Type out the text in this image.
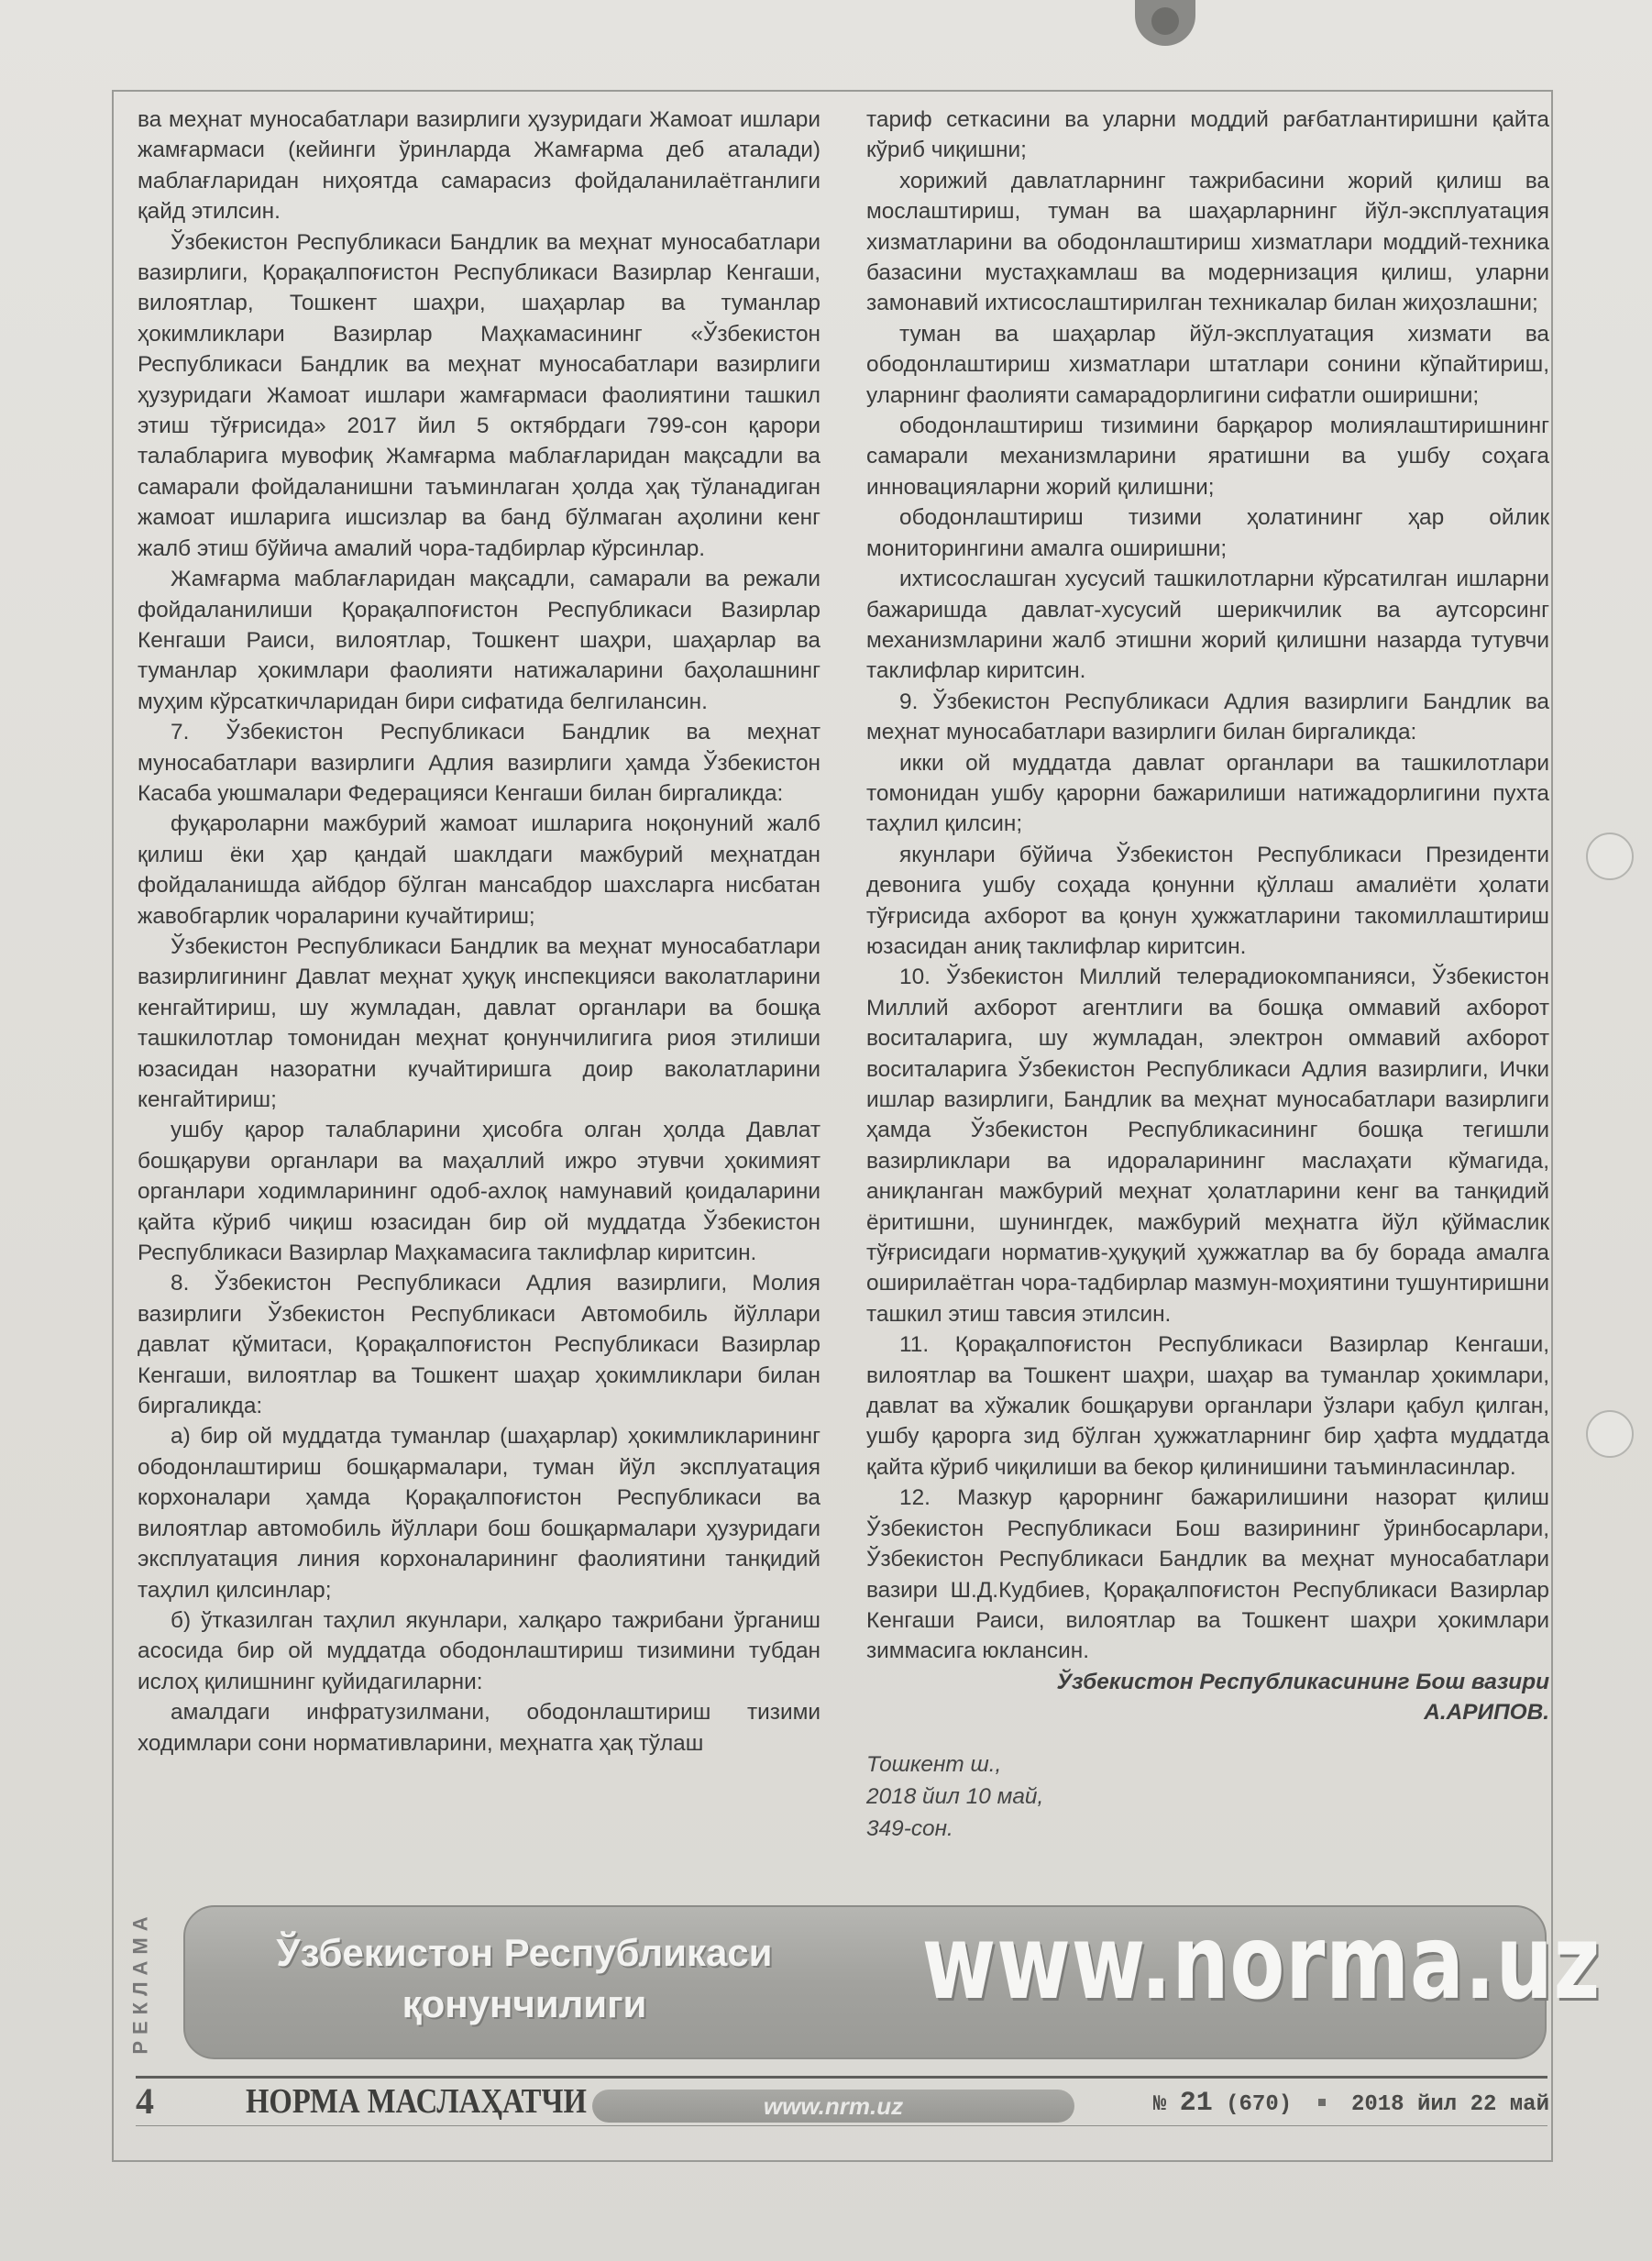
ва меҳнат муносабатлари вазирлиги ҳузуридаги Жамоат ишлари жамғармаси (кейинги ўринларда Жамғарма деб аталади) маблағларидан ниҳоятда самарасиз фойдаланилаётганлиги қайд этилсин.

Ўзбекистон Республикаси Бандлик ва меҳнат муносабатлари вазирлиги, Қорақалпоғистон Республикаси Вазирлар Кенгаши, вилоятлар, Тошкент шаҳри, шаҳарлар ва туманлар ҳокимликлари Вазирлар Маҳкамасининг «Ўзбекистон Республикаси Бандлик ва меҳнат муносабатлари вазирлиги ҳузуридаги Жамоат ишлари жамғармаси фаолиятини ташкил этиш тўғрисида» 2017 йил 5 октябрдаги 799-сон қарори талабларига мувофиқ Жамғарма маблағларидан мақсадли ва самарали фойдаланишни таъминлаган ҳолда ҳақ тўланадиган жамоат ишларига ишсизлар ва банд бўлмаган аҳолини кенг жалб этиш бўйича амалий чора-тадбирлар кўрсинлар.

Жамғарма маблағларидан мақсадли, самарали ва режали фойдаланилиши Қорақалпоғистон Республикаси Вазирлар Кенгаши Раиси, вилоятлар, Тошкент шаҳри, шаҳарлар ва туманлар ҳокимлари фаолияти натижаларини баҳолашнинг муҳим кўрсаткичларидан бири сифатида белгилансин.

7. Ўзбекистон Республикаси Бандлик ва меҳнат муносабатлари вазирлиги Адлия вазирлиги ҳамда Ўзбекистон Касаба уюшмалари Федерацияси Кенгаши билан биргаликда:

фуқароларни мажбурий жамоат ишларига ноқонуний жалб қилиш ёки ҳар қандай шаклдаги мажбурий меҳнатдан фойдаланишда айбдор бўлган мансабдор шахсларга нисбатан жавобгарлик чораларини кучайтириш;

Ўзбекистон Республикаси Бандлик ва меҳнат муносабатлари вазирлигининг Давлат меҳнат ҳуқуқ инспекцияси ваколатларини кенгайтириш, шу жумладан, давлат органлари ва бошқа ташкилотлар томонидан меҳнат қонунчилигига риоя этилиши юзасидан назоратни кучайтиришга доир ваколатларини кенгайтириш;

ушбу қарор талабларини ҳисобга олган ҳолда Давлат бошқаруви органлари ва маҳаллий ижро этувчи ҳокимият органлари ходимларининг одоб-ахлоқ намунавий қоидаларини қайта кўриб чиқиш юзасидан бир ой муддатда Ўзбекистон Республикаси Вазирлар Маҳкамасига таклифлар киритсин.

8. Ўзбекистон Республикаси Адлия вазирлиги, Молия вазирлиги Ўзбекистон Республикаси Автомобиль йўллари давлат қўмитаси, Қорақалпоғистон Республикаси Вазирлар Кенгаши, вилоятлар ва Тошкент шаҳар ҳокимликлари билан биргаликда:

а) бир ой муддатда туманлар (шаҳарлар) ҳокимликларининг ободонлаштириш бошқармалари, туман йўл эксплуатация корхоналари ҳамда Қорақалпоғистон Республикаси ва вилоятлар автомобиль йўллари бош бошқармалари ҳузуридаги эксплуатация линия корхоналарининг фаолиятини танқидий таҳлил қилсинлар;

б) ўтказилган таҳлил якунлари, халқаро тажрибани ўрганиш асосида бир ой муддатда ободонлаштириш тизимини тубдан ислоҳ қилишнинг қуйидагиларни:

амалдаги инфратузилмани, ободонлаштириш тизими ходимлари сони нормативларини, меҳнатга ҳақ тўлаш

тариф сеткасини ва уларни моддий рағбатлантиришни қайта кўриб чиқишни;

хорижий давлатларнинг тажрибасини жорий қилиш ва мослаштириш, туман ва шаҳарларнинг йўл-эксплуатация хизматларини ва ободонлаштириш хизматлари моддий-техника базасини мустаҳкамлаш ва модернизация қилиш, уларни замонавий ихтисослаштирилган техникалар билан жиҳозлашни;

туман ва шаҳарлар йўл-эксплуатация хизмати ва ободонлаштириш хизматлари штатлари сонини кўпайтириш, уларнинг фаолияти самарадорлигини сифатли оширишни;

ободонлаштириш тизимини барқарор молиялаштиришнинг самарали механизмларини яратишни ва ушбу соҳага инновацияларни жорий қилишни;

ободонлаштириш тизими ҳолатининг ҳар ойлик мониторингини амалга оширишни;

ихтисослашган хусусий ташкилотларни кўрсатилган ишларни бажаришда давлат-хусусий шерикчилик ва аутсорсинг механизмларини жалб этишни жорий қилишни назарда тутувчи таклифлар киритсин.

9. Ўзбекистон Республикаси Адлия вазирлиги Бандлик ва меҳнат муносабатлари вазирлиги билан биргаликда:

икки ой муддатда давлат органлари ва ташкилотлари томонидан ушбу қарорни бажарилиши натижадорлигини пухта таҳлил қилсин;

якунлари бўйича Ўзбекистон Республикаси Президенти девонига ушбу соҳада қонунни қўллаш амалиёти ҳолати тўғрисида ахборот ва қонун ҳужжатларини такомиллаштириш юзасидан аниқ таклифлар киритсин.

10. Ўзбекистон Миллий телерадиокомпанияси, Ўзбекистон Миллий ахборот агентлиги ва бошқа оммавий ахборот воситаларига, шу жумладан, электрон оммавий ахборот воситаларига Ўзбекистон Республикаси Адлия вазирлиги, Ички ишлар вазирлиги, Бандлик ва меҳнат муносабатлари вазирлиги ҳамда Ўзбекистон Республикасининг бошқа тегишли вазирликлари ва идораларининг маслаҳати кўмагида, аниқланган мажбурий меҳнат ҳолатларини кенг ва танқидий ёритишни, шунингдек, мажбурий меҳнатга йўл қўймаслик тўғрисидаги норматив-ҳуқуқий ҳужжатлар ва бу борада амалга оширилаётган чора-тадбирлар мазмун-моҳиятини тушунтиришни ташкил этиш тавсия этилсин.

11. Қорақалпоғистон Республикаси Вазирлар Кенгаши, вилоятлар ва Тошкент шаҳри, шаҳар ва туманлар ҳокимлари, давлат ва хўжалик бошқаруви органлари ўзлари қабул қилган, ушбу қарорга зид бўлган ҳужжатларнинг бир ҳафта муддатда қайта кўриб чиқилиши ва бекор қилинишини таъминласинлар.

12. Мазкур қарорнинг бажарилишини назорат қилиш Ўзбекистон Республикаси Бош вазирининг ўринбосарлари, Ўзбекистон Республикаси Бандлик ва меҳнат муносабатлари вазири Ш.Д.Кудбиев, Қорақалпоғистон Республикаси Вазирлар Кенгаши Раиси, вилоятлар ва Тошкент шаҳри ҳокимлари зиммасига юклансин.

Ўзбекистон Республикасининг Бош вазири

А.АРИПОВ.

Тошкент ш.,
2018 йил 10 май,
349-сон.
РЕКЛАМА	Ўзбекистон Республикаси
қонунчилиги	www.norma.uz
4	НОРМА МАСЛАҲАТЧИ	www.nrm.uz	№ 21 (670)	2018 йил 22 май
